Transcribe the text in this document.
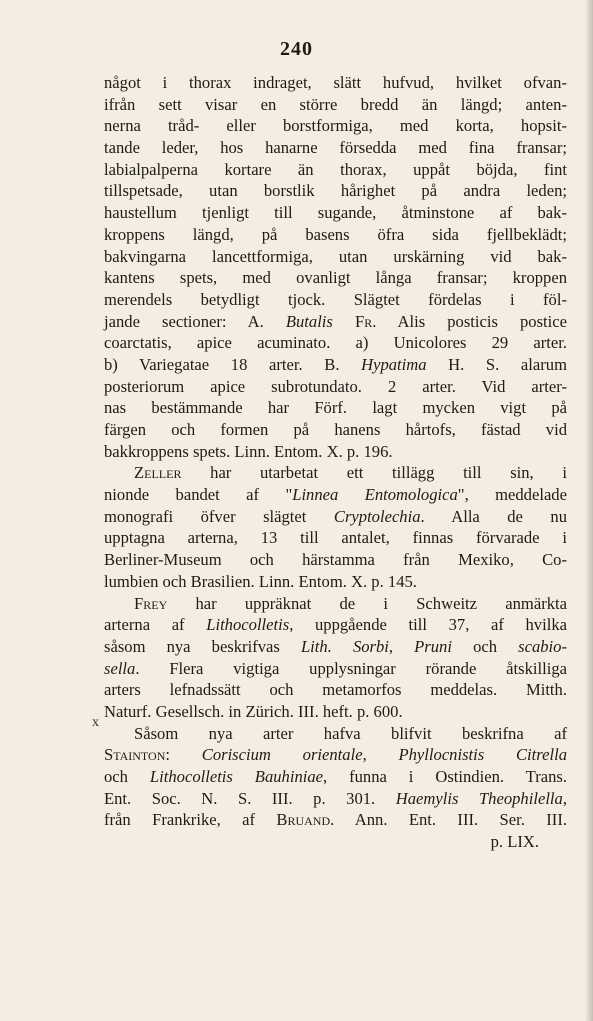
240
något i thorax indraget, slätt hufvud, hvilket ofvan-
ifrån sett visar en större bredd än längd; anten-
nerna tråd- eller borstformiga, med korta, hopsit-
tande leder, hos hanarne försedda med fina fransar;
labialpalperna kortare än thorax, uppåt böjda, fint
tillspetsade, utan borstlik hårighet på andra leden;
haustellum tjenligt till sugande, åtminstone af bak-
kroppens längd, på basens öfra sida fjellbeklädt;
bakvingarna lancettformiga, utan urskärning vid bak-
kantens spets, med ovanligt långa fransar; kroppen
merendels betydligt tjock. Slägtet fördelas i föl-
jande sectioner: A. Butalis Fr. Alis posticis postice
coarctatis, apice acuminato. a) Unicolores 29 arter.
b) Variegatae 18 arter. B. Hypatima H. S. alarum
posteriorum apice subrotundato. 2 arter. Vid arter-
nas bestämmande har Förf. lagt mycken vigt på
färgen och formen på hanens hårtofs, fästad vid
bakkroppens spets. Linn. Entom. X. p. 196.
Zeller har utarbetat ett tillägg till sin, i
nionde bandet af "Linnea Entomologica", meddelade
monografi öfver slägtet Cryptolechia. Alla de nu
upptagna arterna, 13 till antalet, finnas förvarade i
Berliner-Museum och härstamma från Mexiko, Co-
lumbien och Brasilien. Linn. Entom. X. p. 145.
Frey har uppräknat de i Schweitz anmärkta
arterna af Lithocolletis, uppgående till 37, af hvilka
såsom nya beskrifvas Lith. Sorbi, Pruni och scabio-
sella. Flera vigtiga upplysningar rörande åtskilliga
arters lefnadssätt och metamorfos meddelas. Mitth.
Naturf. Gesellsch. in Zürich. III. heft. p. 600.
Såsom nya arter hafva blifvit beskrifna af
Stainton: Coriscium orientale, Phyllocnistis Citrella
och Lithocolletis Bauhiniae, funna i Ostindien. Trans.
Ent. Soc. N. S. III. p. 301. Haemylis Theophilella,
från Frankrike, af Bruand. Ann. Ent. III. Ser. III.
p. LIX.
x
